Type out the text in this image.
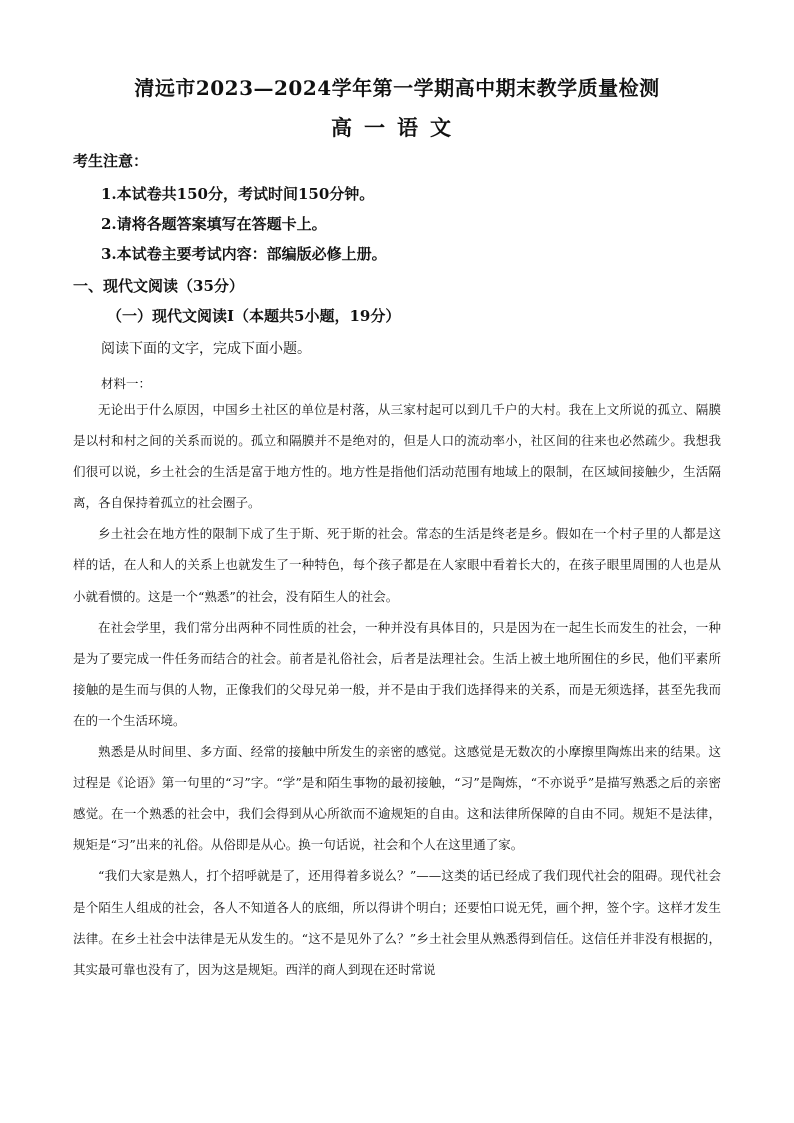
清远市2023—2024学年第一学期高中期末教学质量检测
高一语文
考生注意：
1.本试卷共150分，考试时间150分钟。
2.请将各题答案填写在答题卡上。
3.本试卷主要考试内容：部编版必修上册。
一、现代文阅读（35分）
（一）现代文阅读Ⅰ（本题共5小题，19分）
阅读下面的文字，完成下面小题。
材料一：

无论出于什么原因，中国乡土社区的单位是村落，从三家村起可以到几千户的大村。我在上文所说的孤立、隔膜是以村和村之间的关系而说的。孤立和隔膜并不是绝对的，但是人口的流动率小，社区间的往来也必然疏少。我想我们很可以说，乡土社会的生活是富于地方性的。地方性是指他们活动范围有地域上的限制，在区域间接触少，生活隔离，各自保持着孤立的社会圈子。

乡土社会在地方性的限制下成了生于斯、死于斯的社会。常态的生活是终老是乡。假如在一个村子里的人都是这样的话，在人和人的关系上也就发生了一种特色，每个孩子都是在人家眼中看着长大的，在孩子眼里周围的人也是从小就看惯的。这是一个“熟悉”的社会，没有陌生人的社会。

在社会学里，我们常分出两种不同性质的社会，一种并没有具体目的，只是因为在一起生长而发生的社会，一种是为了要完成一件任务而结合的社会。前者是礼俗社会，后者是法理社会。生活上被土地所囿住的乡民，他们平素所接触的是生而与俱的人物，正像我们的父母兄弟一般，并不是由于我们选择得来的关系，而是无须选择，甚至先我而在的一个生活环境。

熟悉是从时间里、多方面、经常的接触中所发生的亲密的感觉。这感觉是无数次的小摩擦里陶炼出来的结果。这过程是《论语》第一句里的“习”字。“学”是和陌生事物的最初接触，“习”是陶炼，“不亦说乎”是描写熟悉之后的亲密感觉。在一个熟悉的社会中，我们会得到从心所欲而不逾规矩的自由。这和法律所保障的自由不同。规矩不是法律，规矩是“习”出来的礼俗。从俗即是从心。换一句话说，社会和个人在这里通了家。

“我们大家是熟人，打个招呼就是了，还用得着多说么？”——这类的话已经成了我们现代社会的阻碍。现代社会是个陌生人组成的社会，各人不知道各人的底细，所以得讲个明白；还要怕口说无凭，画个押，签个字。这样才发生法律。在乡土社会中法律是无从发生的。“这不是见外了么？”乡土社会里从熟悉得到信任。这信任并非没有根据的，其实最可靠也没有了，因为这是规矩。西洋的商人到现在还时常说
